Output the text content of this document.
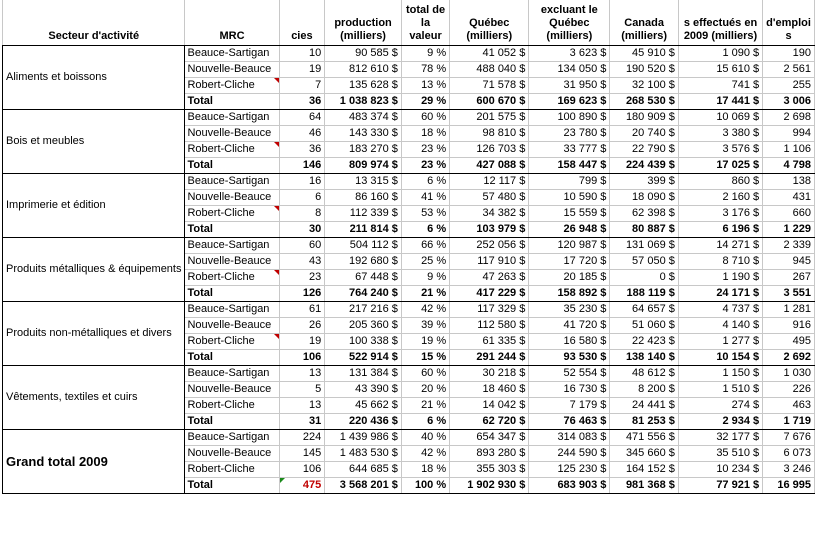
Secteur d'activité	MRC	cies	production (milliers)	total de la valeur	Québec (milliers)	excluant le Québec (milliers)	Canada (milliers)	s effectués en 2009 (milliers)	d'emploi s
Aliments et boissons	Beauce-Sartigan	10	90 585 $	9 %	41 052 $	3 623 $	45 910 $	1 090 $	190
	Nouvelle-Beauce	19	812 610 $	78 %	488 040 $	134 050 $	190 520 $	15 610 $	2 561
	Robert-Cliche	7	135 628 $	13 %	71 578 $	31 950 $	32 100 $	741 $	255
	Total	36	1 038 823 $	29 %	600 670 $	169 623 $	268 530 $	17 441 $	3 006
Bois et meubles	Beauce-Sartigan	64	483 374 $	60 %	201 575 $	100 890 $	180 909 $	10 069 $	2 698
	Nouvelle-Beauce	46	143 330 $	18 %	98 810 $	23 780 $	20 740 $	3 380 $	994
	Robert-Cliche	36	183 270 $	23 %	126 703 $	33 777 $	22 790 $	3 576 $	1 106
	Total	146	809 974 $	23 %	427 088 $	158 447 $	224 439 $	17 025 $	4 798
Imprimerie et édition	Beauce-Sartigan	16	13 315 $	6 %	12 117 $	799 $	399 $	860 $	138
	Nouvelle-Beauce	6	86 160 $	41 %	57 480 $	10 590 $	18 090 $	2 160 $	431
	Robert-Cliche	8	112 339 $	53 %	34 382 $	15 559 $	62 398 $	3 176 $	660
	Total	30	211 814 $	6 %	103 979 $	26 948 $	80 887 $	6 196 $	1 229
Produits métalliques & équipements	Beauce-Sartigan	60	504 112 $	66 %	252 056 $	120 987 $	131 069 $	14 271 $	2 339
	Nouvelle-Beauce	43	192 680 $	25 %	117 910 $	17 720 $	57 050 $	8 710 $	945
	Robert-Cliche	23	67 448 $	9 %	47 263 $	20 185 $	0 $	1 190 $	267
	Total	126	764 240 $	21 %	417 229 $	158 892 $	188 119 $	24 171 $	3 551
Produits non-métalliques et divers	Beauce-Sartigan	61	217 216 $	42 %	117 329 $	35 230 $	64 657 $	4 737 $	1 281
	Nouvelle-Beauce	26	205 360 $	39 %	112 580 $	41 720 $	51 060 $	4 140 $	916
	Robert-Cliche	19	100 338 $	19 %	61 335 $	16 580 $	22 423 $	1 277 $	495
	Total	106	522 914 $	15 %	291 244 $	93 530 $	138 140 $	10 154 $	2 692
Vêtements, textiles et cuirs	Beauce-Sartigan	13	131 384 $	60 %	30 218 $	52 554 $	48 612 $	1 150 $	1 030
	Nouvelle-Beauce	5	43 390 $	20 %	18 460 $	16 730 $	8 200 $	1 510 $	226
	Robert-Cliche	13	45 662 $	21 %	14 042 $	7 179 $	24 441 $	274 $	463
	Total	31	220 436 $	6 %	62 720 $	76 463 $	81 253 $	2 934 $	1 719
Grand total 2009	Beauce-Sartigan	224	1 439 986 $	40 %	654 347 $	314 083 $	471 556 $	32 177 $	7 676
	Nouvelle-Beauce	145	1 483 530 $	42 %	893 280 $	244 590 $	345 660 $	35 510 $	6 073
	Robert-Cliche	106	644 685 $	18 %	355 303 $	125 230 $	164 152 $	10 234 $	3 246
	Total	475	3 568 201 $	100 %	1 902 930 $	683 903 $	981 368 $	77 921 $	16 995
